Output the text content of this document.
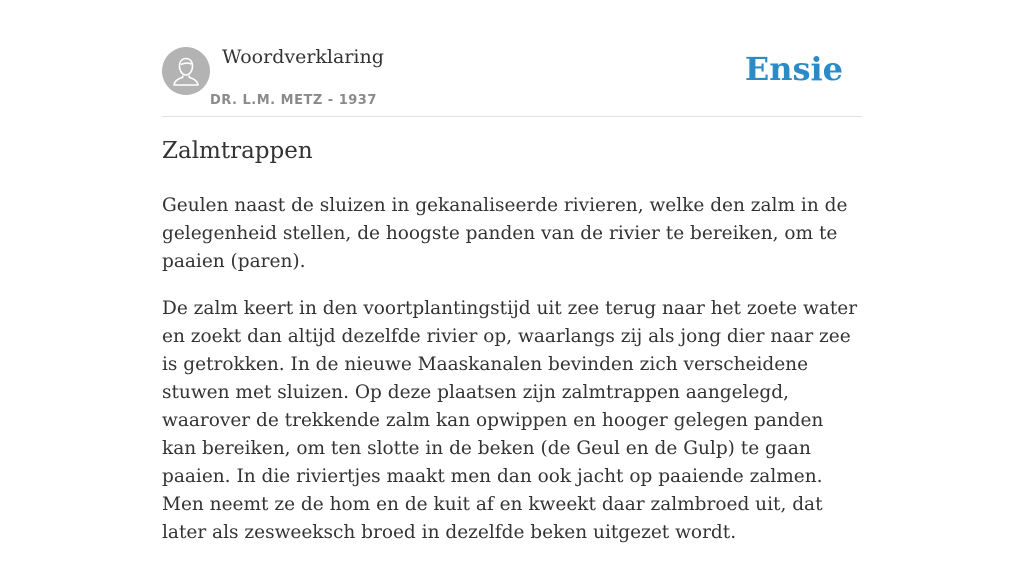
Woordverklaring
DR. L.M. METZ - 1937
Ensie
Zalmtrappen

Geulen naast de sluizen in gekanaliseerde rivieren, welke den zalm in de gelegenheid stellen, de hoogste panden van de rivier te bereiken, om te paaien (paren).

De zalm keert in den voortplantingstijd uit zee terug naar het zoete water en zoekt dan altijd dezelfde rivier op, waarlangs zij als jong dier naar zee is getrokken. In de nieuwe Maaskanalen bevinden zich verscheidene stuwen met sluizen. Op deze plaatsen zijn zalmtrappen aangelegd, waarover de trekkende zalm kan opwippen en hooger gelegen panden kan bereiken, om ten slotte in de beken (de Geul en de Gulp) te gaan paaien. In die riviertjes maakt men dan ook jacht op paaiende zalmen. Men neemt ze de hom en de kuit af en kweekt daar zalmbroed uit, dat later als zesweeksch broed in dezelfde beken uitgezet wordt.
